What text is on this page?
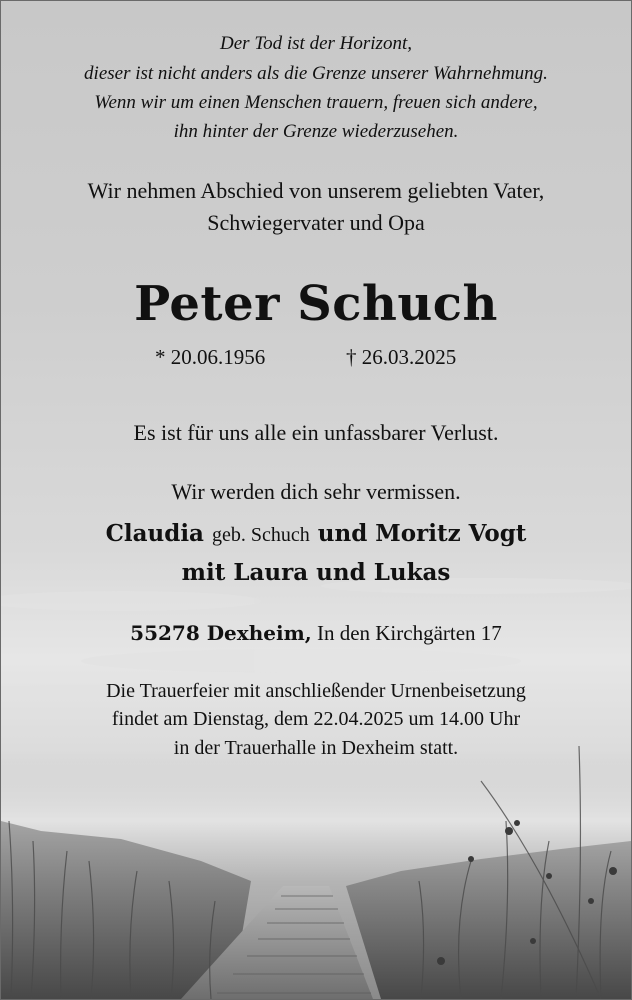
Der Tod ist der Horizont,
dieser ist nicht anders als die Grenze unserer Wahrnehmung.
Wenn wir um einen Menschen trauern, freuen sich andere,
ihn hinter der Grenze wiederzusehen.
Wir nehmen Abschied von unserem geliebten Vater,
Schwiegervater und Opa
Peter Schuch
* 20.06.1956	† 26.03.2025
Es ist für uns alle ein unfassbarer Verlust.
Wir werden dich sehr vermissen.
Claudia geb. Schuch und Moritz Vogt
mit Laura und Lukas
55278 Dexheim, In den Kirchgärten 17
Die Trauerfeier mit anschließender Urnenbeisetzung
findet am Dienstag, dem 22.04.2025 um 14.00 Uhr
in der Trauerhalle in Dexheim statt.
